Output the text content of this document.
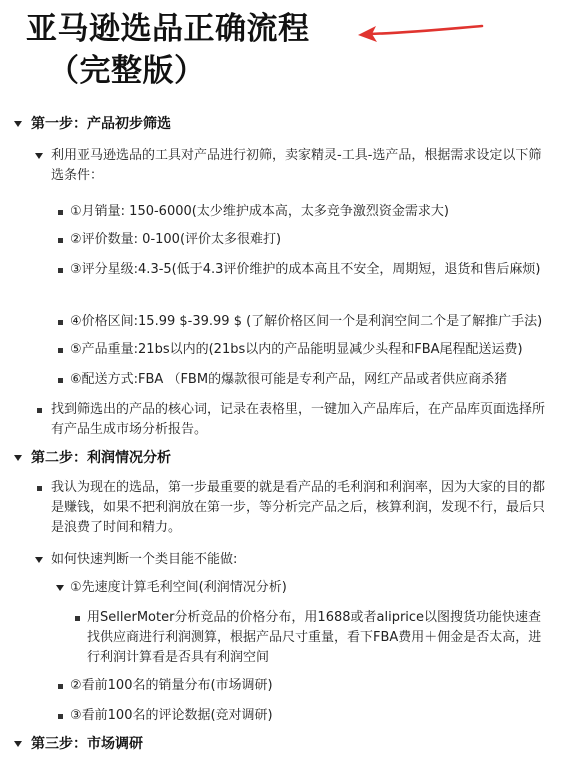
亚马逊选品正确流程
（完整版）
第一步：产品初步筛选
利用亚马逊选品的工具对产品进行初筛，卖家精灵-工具-选产品，根据需求设定以下筛选条件：
①月销量: 150-6000(太少维护成本高，太多竞争激烈资金需求大)
②评价数量: 0-100(评价太多很难打)
③评分星级:4.3-5(低于4.3评价维护的成本高且不安全，周期短，退货和售后麻烦)
④价格区间:15.99 $-39.99 $ (了解价格区间一个是利润空间二个是了解推广手法)
⑤产品重量:21bs以内的(21bs以内的产品能明显减少头程和FBA尾程配送运费)
⑥配送方式:FBA （FBM的爆款很可能是专利产品，网红产品或者供应商杀猪
找到筛选出的产品的核心词，记录在表格里，一键加入产品库后，在产品库页面选择所有产品生成市场分析报告。
第二步：利润情况分析
我认为现在的选品，第一步最重要的就是看产品的毛利润和利润率，因为大家的目的都是赚钱，如果不把利润放在第一步，等分析完产品之后，核算利润，发现不行，最后只是浪费了时间和精力。
如何快速判断一个类目能不能做:
①先速度计算毛利空间(利润情况分析)
用SellerMoter分析竞品的价格分布，用1688或者aliprice以图搜货功能快速查找供应商进行利润测算，根据产品尺寸重量，看下FBA费用＋佣金是否太高，进行利润计算看是否具有利润空间
②看前100名的销量分布(市场调研)
③看前100名的评论数据(竞对调研)
第三步：市场调研
